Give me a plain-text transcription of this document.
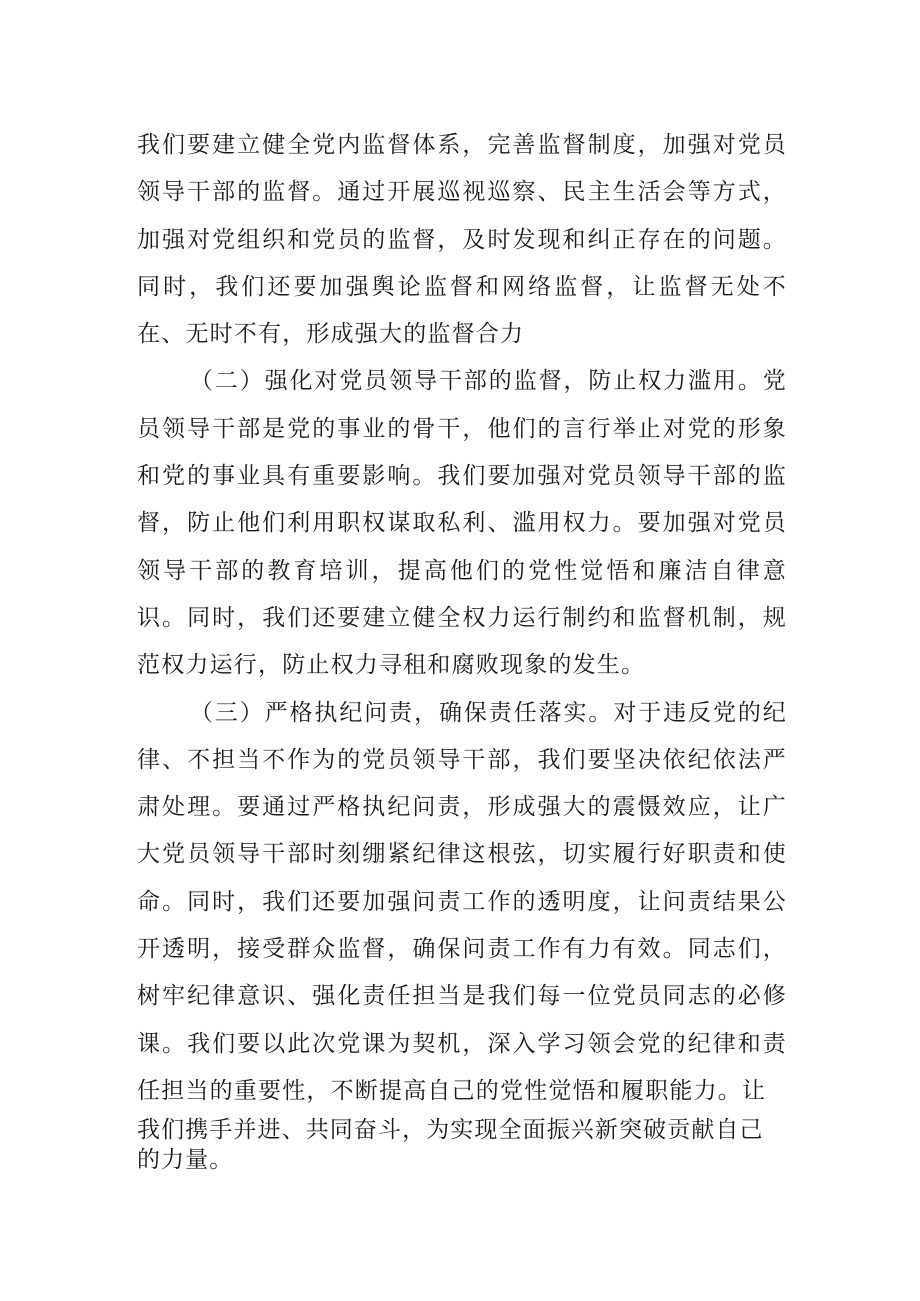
我们要建立健全党内监督体系，完善监督制度，加强对党员领导干部的监督。通过开展巡视巡察、民主生活会等方式，加强对党组织和党员的监督，及时发现和纠正存在的问题。同时，我们还要加强舆论监督和网络监督，让监督无处不在、无时不有，形成强大的监督合力

（二）强化对党员领导干部的监督，防止权力滥用。党员领导干部是党的事业的骨干，他们的言行举止对党的形象和党的事业具有重要影响。我们要加强对党员领导干部的监督，防止他们利用职权谋取私利、滥用权力。要加强对党员领导干部的教育培训，提高他们的党性觉悟和廉洁自律意识。同时，我们还要建立健全权力运行制约和监督机制，规范权力运行，防止权力寻租和腐败现象的发生。

（三）严格执纪问责，确保责任落实。对于违反党的纪律、不担当不作为的党员领导干部，我们要坚决依纪依法严肃处理。要通过严格执纪问责，形成强大的震慑效应，让广大党员领导干部时刻绷紧纪律这根弦，切实履行好职责和使命。同时，我们还要加强问责工作的透明度，让问责结果公开透明，接受群众监督，确保问责工作有力有效。同志们，树牢纪律意识、强化责任担当是我们每一位党员同志的必修课。我们要以此次党课为契机，深入学习领会党的纪律和责任担当的重要性，不断提高自己的党性觉悟和履职能力。让

我们携手并进、共同奋斗，为实现全面振兴新突破贡献自己的力量。
